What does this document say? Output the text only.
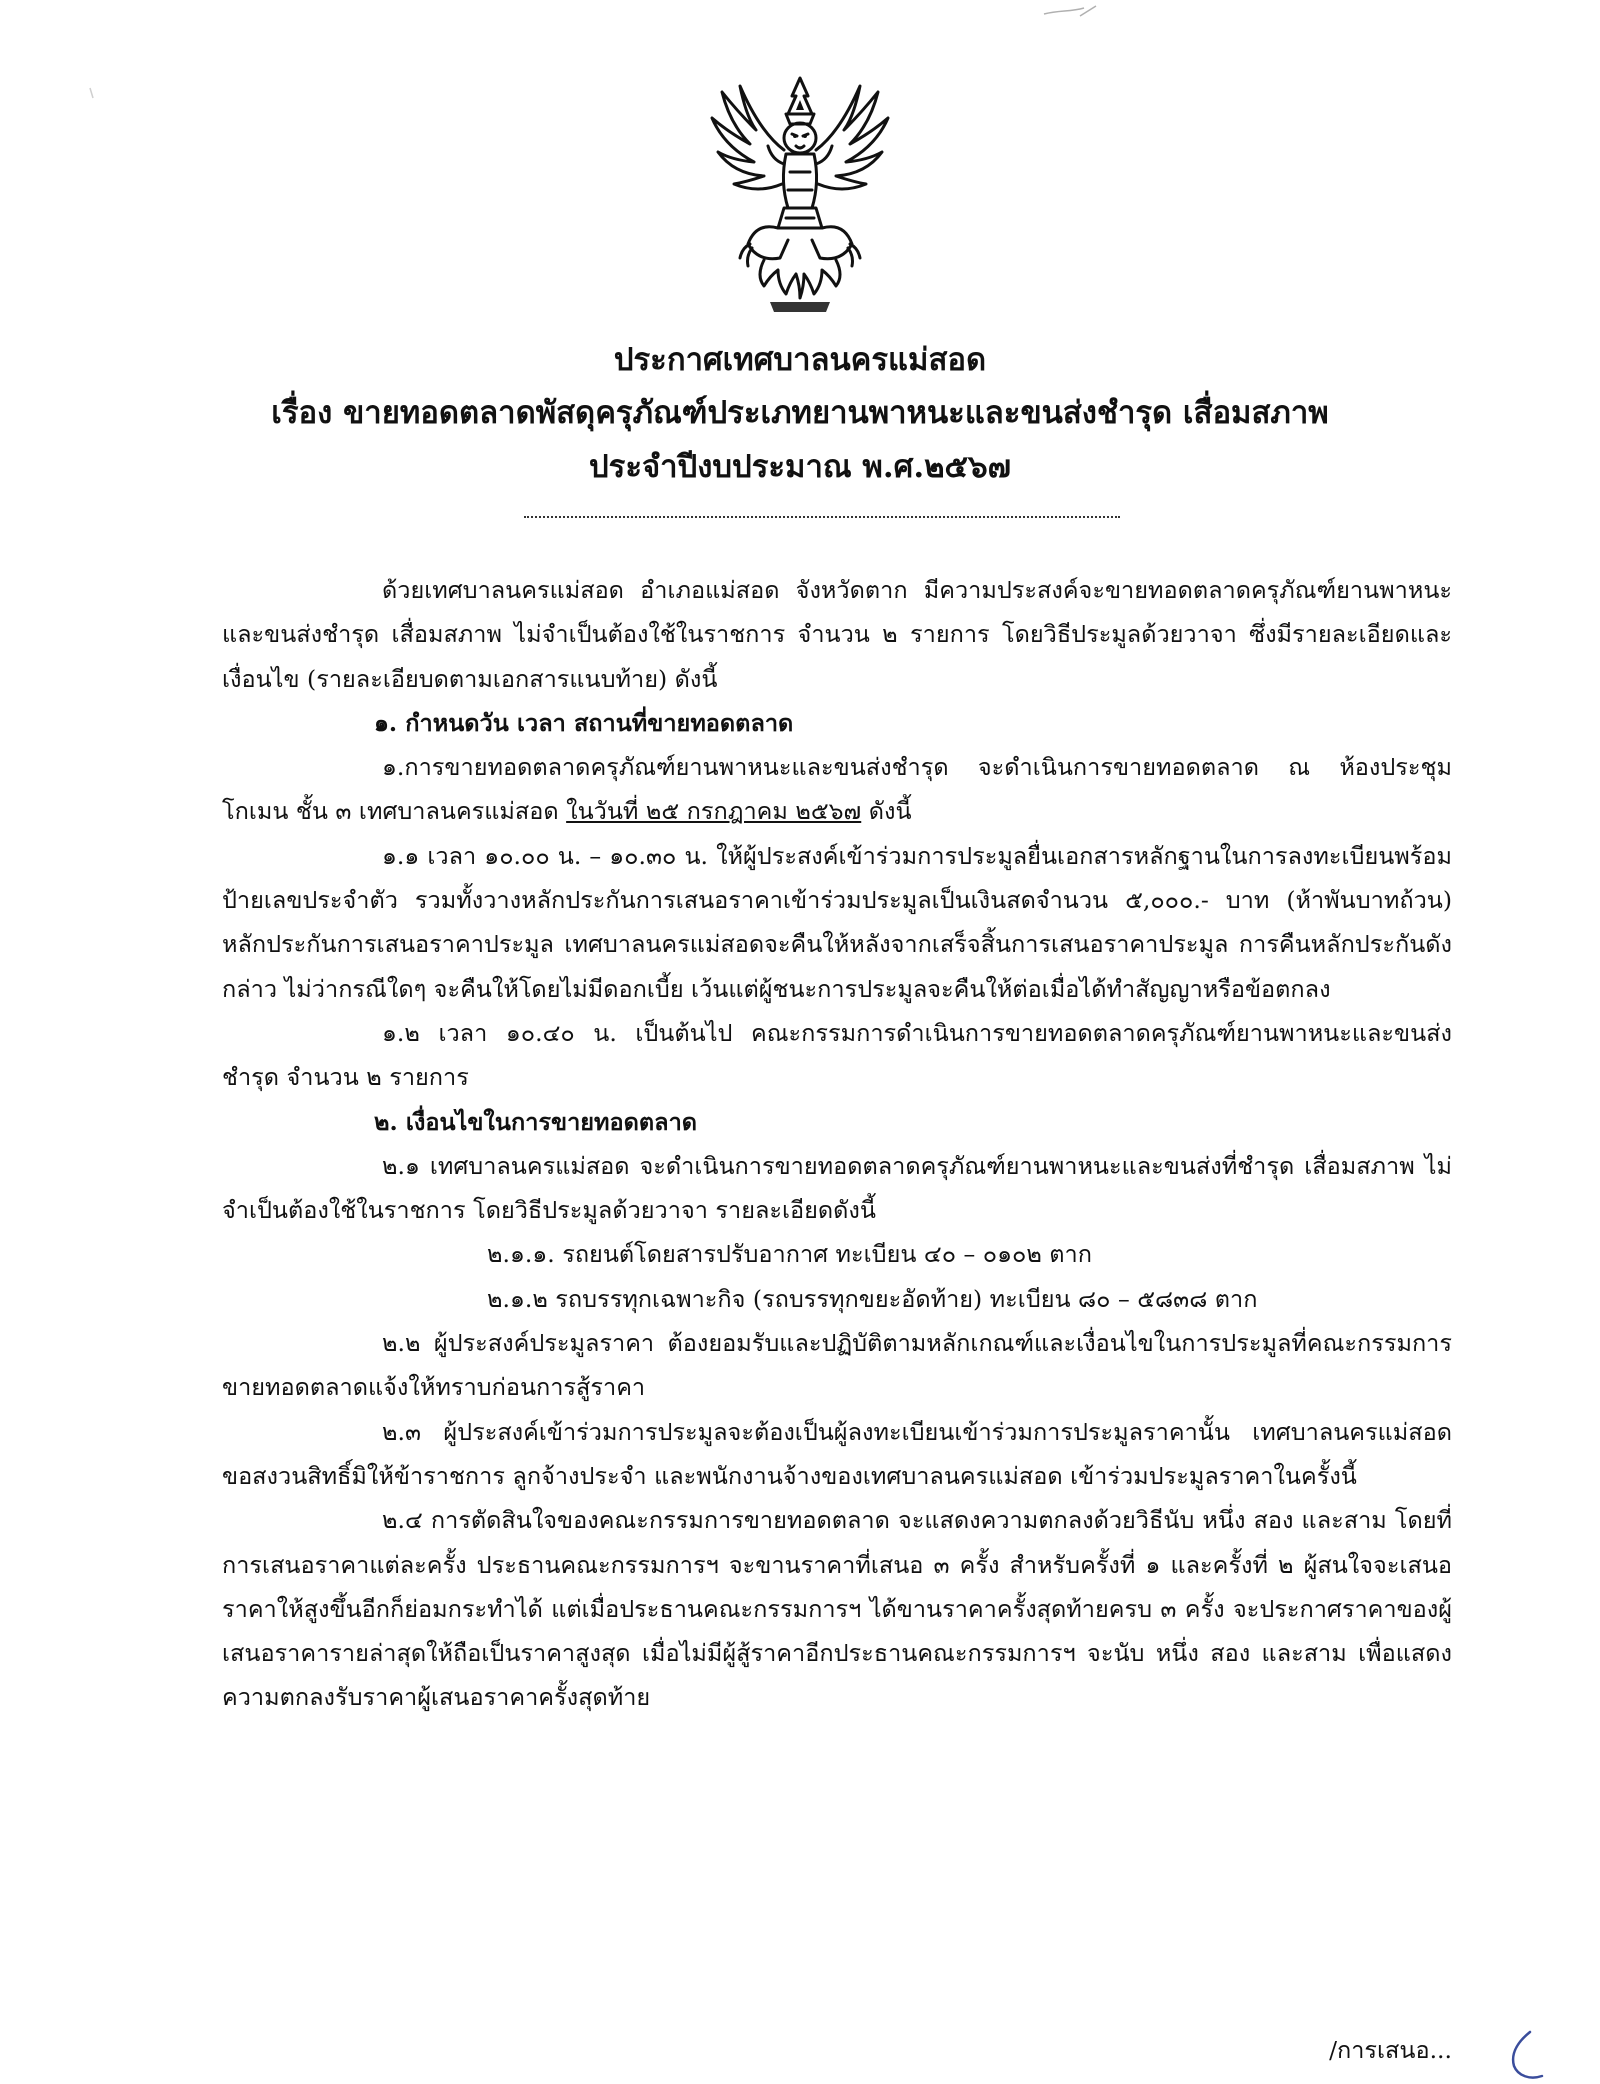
ประกาศเทศบาลนครแม่สอด
เรื่อง ขายทอดตลาดพัสดุครุภัณฑ์ประเภทยานพาหนะและขนส่งชำรุด เสื่อมสภาพ
ประจำปีงบประมาณ พ.ศ.๒๕๖๗

ด้วยเทศบาลนครแม่สอด อำเภอแม่สอด จังหวัดตาก มีความประสงค์จะขายทอดตลาดครุภัณฑ์ยานพาหนะและขนส่งชำรุด เสื่อมสภาพ ไม่จำเป็นต้องใช้ในราชการ จำนวน ๒ รายการ โดยวิธีประมูลด้วยวาจา ซึ่งมีรายละเอียดและเงื่อนไข (รายละเอียบดตามเอกสารแนบท้าย) ดังนี้

๑. กำหนดวัน เวลา สถานที่ขายทอดตลาด

๑.การขายทอดตลาดครุภัณฑ์ยานพาหนะและขนส่งชำรุด จะดำเนินการขายทอดตลาด ณ ห้องประชุมโกเมน ชั้น ๓ เทศบาลนครแม่สอด ในวันที่ ๒๕ กรกฎาคม ๒๕๖๗ ดังนี้

๑.๑ เวลา ๑๐.๐๐ น. – ๑๐.๓๐ น. ให้ผู้ประสงค์เข้าร่วมการประมูลยื่นเอกสารหลักฐานในการลงทะเบียนพร้อมป้ายเลขประจำตัว รวมทั้งวางหลักประกันการเสนอราคาเข้าร่วมประมูลเป็นเงินสดจำนวน ๕,๐๐๐.- บาท (ห้าพันบาทถ้วน) หลักประกันการเสนอราคาประมูล เทศบาลนครแม่สอดจะคืนให้หลังจากเสร็จสิ้นการเสนอราคาประมูล การคืนหลักประกันดังกล่าว ไม่ว่ากรณีใดๆ จะคืนให้โดยไม่มีดอกเบี้ย เว้นแต่ผู้ชนะการประมูลจะคืนให้ต่อเมื่อได้ทำสัญญาหรือข้อตกลง

๑.๒ เวลา ๑๐.๔๐ น. เป็นต้นไป คณะกรรมการดำเนินการขายทอดตลาดครุภัณฑ์ยานพาหนะและขนส่งชำรุด จำนวน ๒ รายการ

๒. เงื่อนไขในการขายทอดตลาด

๒.๑ เทศบาลนครแม่สอด จะดำเนินการขายทอดตลาดครุภัณฑ์ยานพาหนะและขนส่งที่ชำรุด เสื่อมสภาพ ไม่จำเป็นต้องใช้ในราชการ โดยวิธีประมูลด้วยวาจา รายละเอียดดังนี้

๒.๑.๑. รถยนต์โดยสารปรับอากาศ ทะเบียน ๔๐ – ๐๑๐๒ ตาก

๒.๑.๒ รถบรรทุกเฉพาะกิจ (รถบรรทุกขยะอัดท้าย) ทะเบียน ๘๐ – ๕๘๓๘ ตาก

๒.๒ ผู้ประสงค์ประมูลราคา ต้องยอมรับและปฏิบัติตามหลักเกณฑ์และเงื่อนไขในการประมูลที่คณะกรรมการขายทอดตลาดแจ้งให้ทราบก่อนการสู้ราคา

๒.๓ ผู้ประสงค์เข้าร่วมการประมูลจะต้องเป็นผู้ลงทะเบียนเข้าร่วมการประมูลราคานั้น เทศบาลนครแม่สอด ขอสงวนสิทธิ์มิให้ข้าราชการ ลูกจ้างประจำ และพนักงานจ้างของเทศบาลนครแม่สอด เข้าร่วมประมูลราคาในครั้งนี้

๒.๔ การตัดสินใจของคณะกรรมการขายทอดตลาด จะแสดงความตกลงด้วยวิธีนับ หนึ่ง สอง และสาม โดยที่การเสนอราคาแต่ละครั้ง ประธานคณะกรรมการฯ จะขานราคาที่เสนอ ๓ ครั้ง สำหรับครั้งที่ ๑ และครั้งที่ ๒ ผู้สนใจจะเสนอราคาให้สูงขึ้นอีกก็ย่อมกระทำได้ แต่เมื่อประธานคณะกรรมการฯ ได้ขานราคาครั้งสุดท้ายครบ ๓ ครั้ง จะประกาศราคาของผู้เสนอราคารายล่าสุดให้ถือเป็นราคาสูงสุด เมื่อไม่มีผู้สู้ราคาอีกประธานคณะกรรมการฯ จะนับ หนึ่ง สอง และสาม เพื่อแสดงความตกลงรับราคาผู้เสนอราคาครั้งสุดท้าย

/การเสนอ...
